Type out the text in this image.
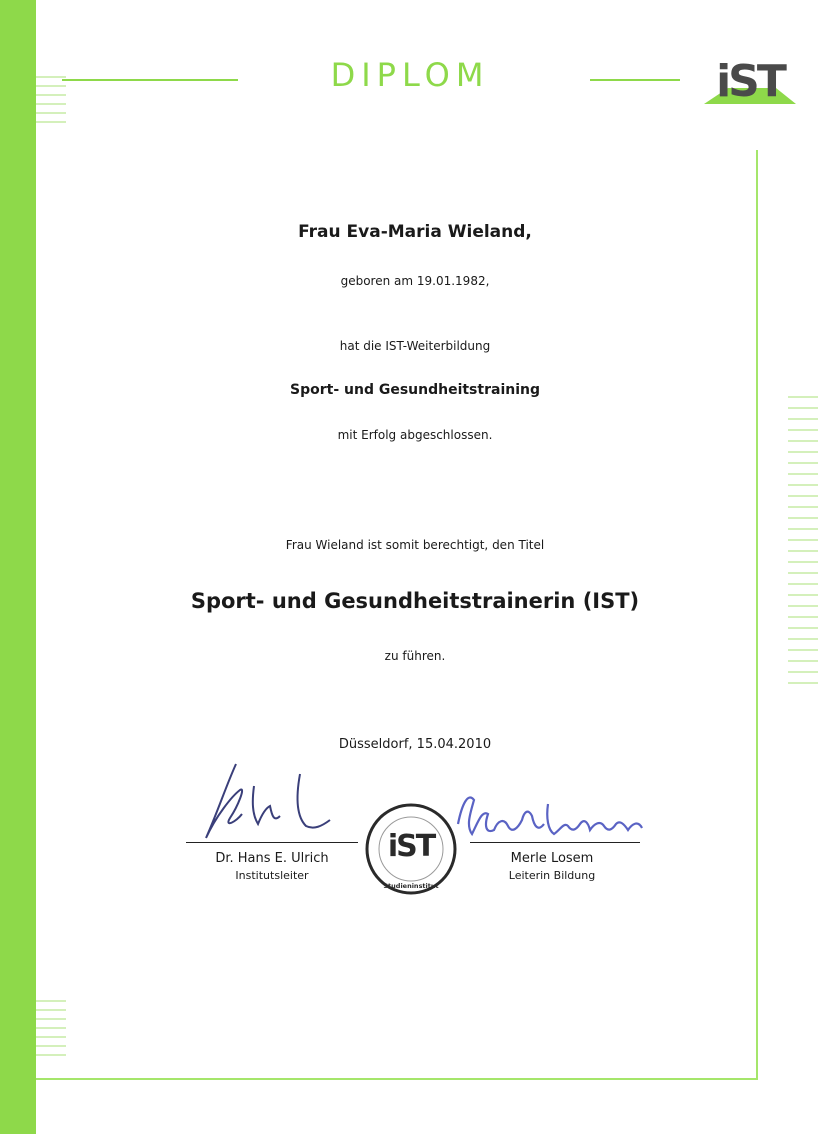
DIPLOM	iST
Frau Eva-Maria Wieland,
geboren am 19.01.1982,
hat die IST-Weiterbildung
Sport- und Gesundheitstraining
mit Erfolg abgeschlossen.
Frau Wieland ist somit berechtigt, den Titel
Sport- und Gesundheitstrainerin (IST)
zu führen.
Düsseldorf, 15.04.2010
Dr. Hans E. Ulrich
Institutsleiter
iST
Studieninstitut
Merle Losem
Leiterin Bildung
